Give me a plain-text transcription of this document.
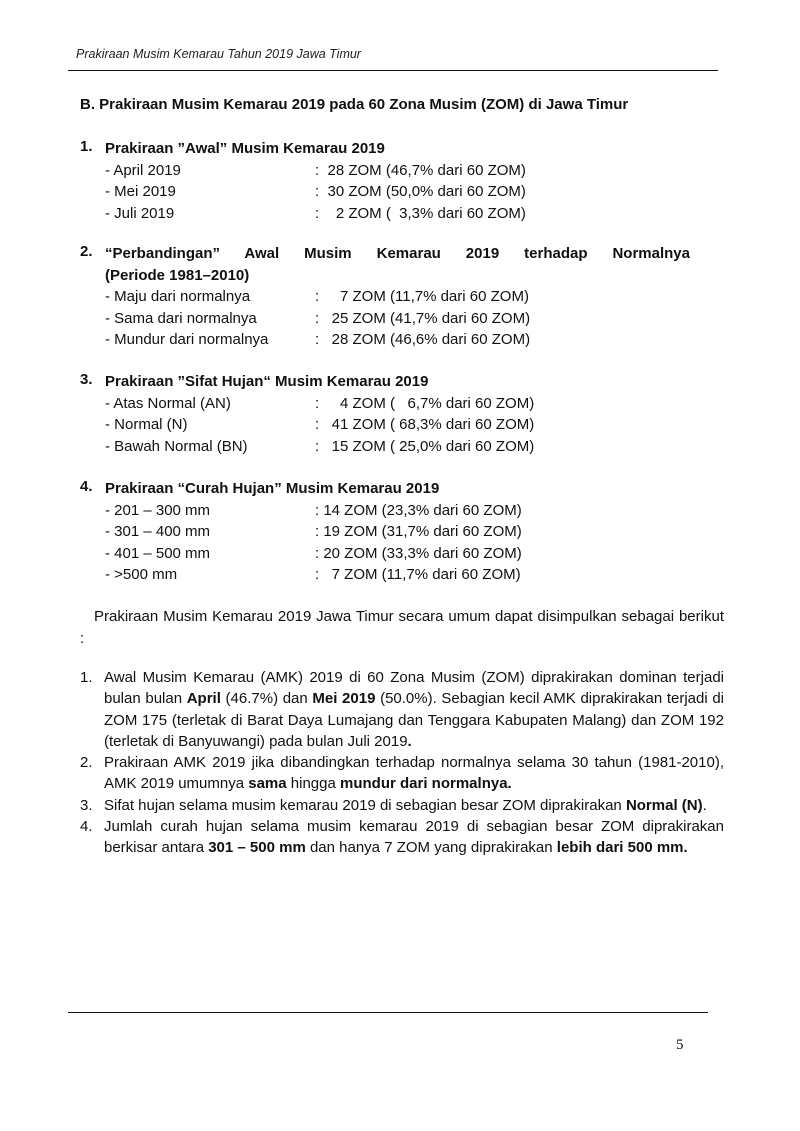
Prakiraan Musim Kemarau Tahun 2019 Jawa Timur
B. Prakiraan Musim Kemarau 2019 pada 60 Zona Musim (ZOM) di Jawa Timur
1. Prakiraan ”Awal” Musim Kemarau 2019
- April 2019	:  28 ZOM (46,7% dari 60 ZOM)
- Mei 2019	:  30 ZOM (50,0% dari 60 ZOM)
- Juli 2019	:    2 ZOM (  3,3% dari 60 ZOM)
2. “Perbandingan” Awal Musim Kemarau 2019 terhadap Normalnya
(Periode 1981–2010)
- Maju dari normalnya	:     7 ZOM (11,7% dari 60 ZOM)
- Sama dari normalnya	:   25 ZOM (41,7% dari 60 ZOM)
- Mundur dari normalnya	:   28 ZOM (46,6% dari 60 ZOM)
3. Prakiraan ”Sifat Hujan“ Musim Kemarau 2019
- Atas Normal (AN)	:     4 ZOM (   6,7% dari 60 ZOM)
- Normal (N)	:   41 ZOM ( 68,3% dari 60 ZOM)
- Bawah Normal (BN)	:   15 ZOM ( 25,0% dari 60 ZOM)
4. Prakiraan “Curah Hujan” Musim Kemarau 2019
- 201 – 300 mm	: 14 ZOM (23,3% dari 60 ZOM)
- 301 – 400 mm	: 19 ZOM (31,7% dari 60 ZOM)
- 401 – 500 mm	: 20 ZOM (33,3% dari 60 ZOM)
- >500 mm	:   7 ZOM (11,7% dari 60 ZOM)
Prakiraan Musim Kemarau 2019 Jawa Timur secara umum dapat disimpulkan sebagai berikut :
1. Awal Musim Kemarau (AMK) 2019 di 60 Zona Musim (ZOM) diprakirakan dominan terjadi bulan bulan April (46.7%) dan Mei 2019 (50.0%). Sebagian kecil AMK diprakirakan terjadi di ZOM 175 (terletak di Barat Daya Lumajang dan Tenggara Kabupaten Malang) dan ZOM 192 (terletak di Banyuwangi) pada bulan Juli 2019.
2. Prakiraan AMK 2019 jika dibandingkan terhadap normalnya selama 30 tahun (1981-2010), AMK 2019 umumnya sama hingga mundur dari normalnya.
3. Sifat hujan selama musim kemarau 2019 di sebagian besar ZOM diprakirakan Normal (N).
4. Jumlah curah hujan selama musim kemarau 2019 di sebagian besar ZOM diprakirakan berkisar antara 301 – 500 mm dan hanya 7 ZOM yang diprakirakan lebih dari 500 mm.
5
